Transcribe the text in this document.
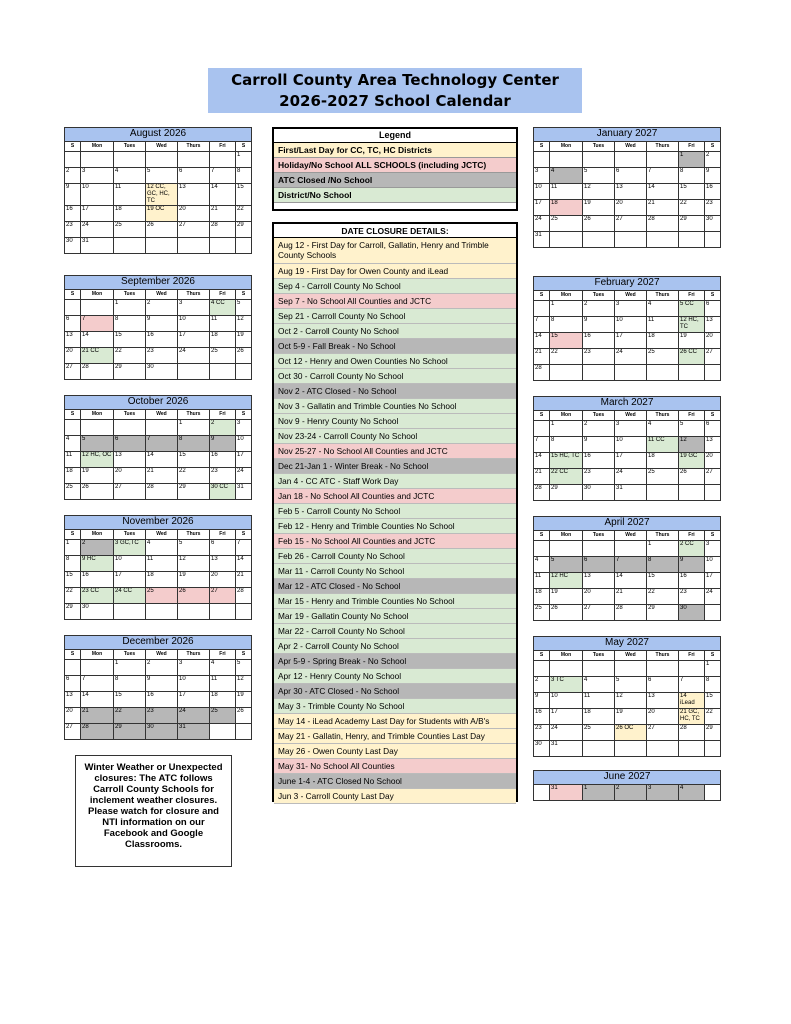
Carroll County Area Technology Center
2026-2027 School Calendar
August 2026						
S	Mon	Tues	Wed	Thurs	Fri	S
						1
2	3	4	5	6	7	8
9	10	11	12 CC, GC, HC, TC	13	14	15
16	17	18	19 OC	20	21	22
23	24	25	26	27	28	29
30	31					
September 2026						
S	Mon	Tues	Wed	Thurs	Fri	S
		1	2	3	4 CC	5
6	7	8	9	10	11	12
13	14	15	16	17	18	19
20	21 CC	22	23	24	25	26
27	28	29	30			
October 2026						
S	Mon	Tues	Wed	Thurs	Fri	S
				1	2	3
4	5	6	7	8	9	10
11	12 HC, OC	13	14	15	16	17
18	19	20	21	22	23	24
25	26	27	28	29	30 CC	31
November 2026						
S	Mon	Tues	Wed	Thurs	Fri	S
1	2	3 GC,TC	4	5	6	7
8	9 HC	10	11	12	13	14
15	16	17	18	19	20	21
22	23 CC	24 CC	25	26	27	28
29	30					
December 2026						
S	Mon	Tues	Wed	Thurs	Fri	S
		1	2	3	4	5
6	7	8	9	10	11	12
13	14	15	16	17	18	19
20	21	22	23	24	25	26
27	28	29	30	31		
January 2027						
S	Mon	Tues	Wed	Thurs	Fri	S
					1	2
3	4	5	6	7	8	9
10	11	12	13	14	15	16
17	18	19	20	21	22	23
24	25	26	27	28	29	30
31						
February 2027						
S	Mon	Tues	Wed	Thurs	Fri	S
	1	2	3	4	5 CC	6
7	8	9	10	11	12 HC, TC	13
14	15	16	17	18	19	20
21	22	23	24	25	26 CC	27
28						
March 2027						
S	Mon	Tues	Wed	Thurs	Fri	S
	1	2	3	4	5	6
7	8	9	10	11 CC	12	13
14	15 HC, TC	16	17	18	19 GC	20
21	22 CC	23	24	25	26	27
28	29	30	31			
April 2027						
S	Mon	Tues	Wed	Thurs	Fri	S
				1	2 CC	3
4	5	6	7	8	9	10
11	12 HC	13	14	15	16	17
18	19	20	21	22	23	24
25	26	27	28	29	30	
May 2027						
S	Mon	Tues	Wed	Thurs	Fri	S
						1
2	3 TC	4	5	6	7	8
9	10	11	12	13	14 iLead	15
16	17	18	19	20	21 GC, HC, TC	22
23	24	25	26 OC	27	28	29
30	31					
June 2027
	31	1	2	3	4	
Legend
First/Last Day for CC, TC, HC Districts
Holiday/No School ALL SCHOOLS (including JCTC)
ATC Closed /No School
District/No School
DATE CLOSURE DETAILS:
Aug 12 - First Day for Carroll, Gallatin, Henry and Trimble County Schools
Aug 19 - First Day for Owen County and iLead
Sep 4 - Carroll County No School
Sep 7 - No School All Counties and JCTC
Sep 21 - Carroll County No School
Oct 2 - Carroll County No School
Oct 5-9 - Fall Break - No School
Oct 12 - Henry and Owen Counties No School
Oct 30 - Carroll County No School
Nov 2 - ATC Closed - No School
Nov 3 - Gallatin and Trimble Counties No School
Nov 9 - Henry County No School
Nov 23-24 - Carroll County No School
Nov 25-27 - No School All Counties and JCTC
Dec 21-Jan 1 - Winter Break - No School
Jan 4 - CC ATC - Staff Work Day
Jan 18 - No School All Counties and JCTC
Feb 5 - Carroll County No School
Feb 12 - Henry and Trimble Counties No School
Feb 15 - No School All Counties and JCTC
Feb 26 - Carroll County No School
Mar 11 - Carroll County No School
Mar 12 - ATC Closed - No School
Mar 15 - Henry and Trimble Counties No School
Mar 19 - Gallatin County No School
Mar 22 - Carroll County No School
Apr 2 - Carroll County No School
Apr 5-9 - Spring Break - No School
Apr 12 - Henry County No School
Apr 30 - ATC Closed - No School
May 3 - Trimble County No School
May 14 - iLead Academy Last Day for Students with A/B's
May 21 - Gallatin, Henry, and Trimble Counties Last Day
May 26 - Owen County Last Day
May 31- No School All Counties
June 1-4 - ATC Closed No School
Jun 3 - Carroll County Last Day
Winter Weather or Unexpected closures: The ATC follows Carroll County Schools for inclement weather closures. Please watch for closure and NTI information on our Facebook and Google Classrooms.
